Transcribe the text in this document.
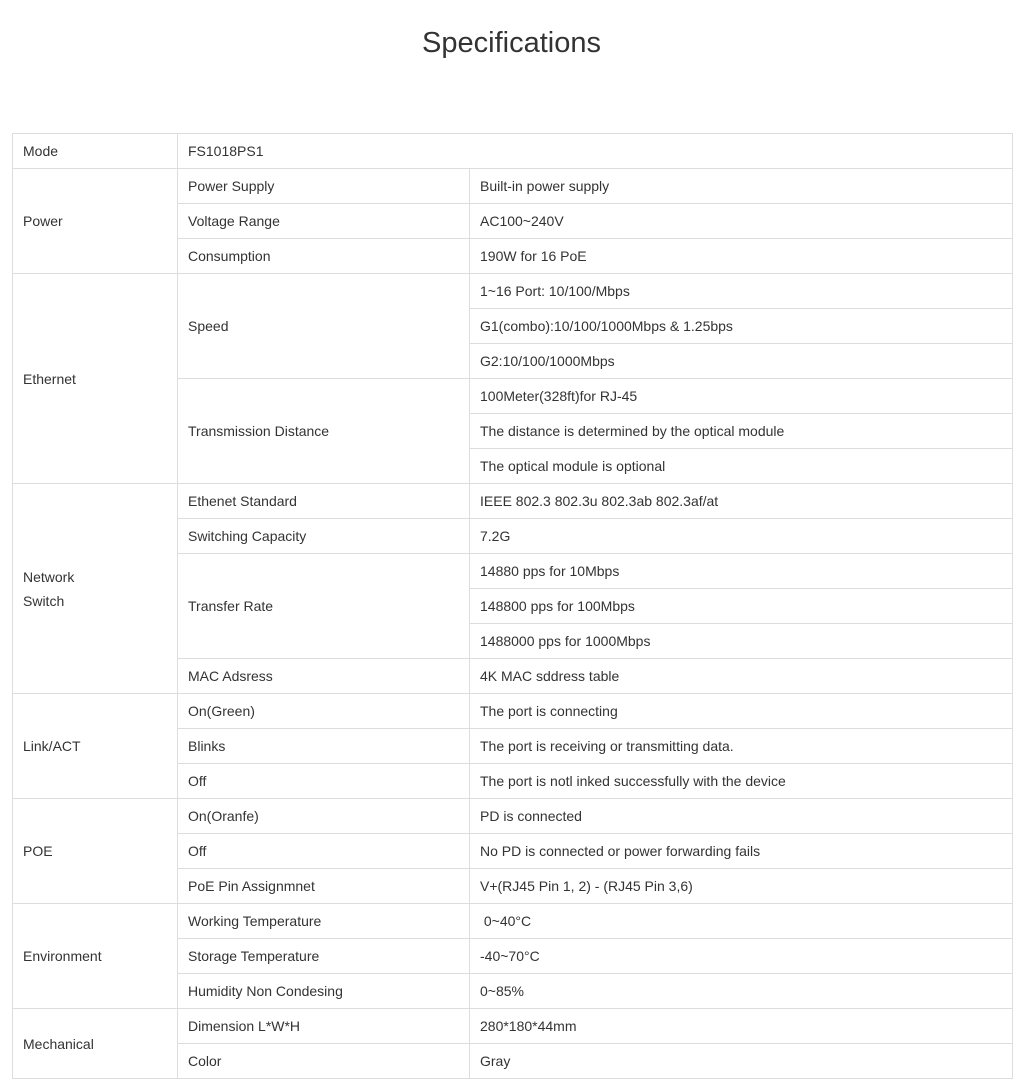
Specifications
Mode	FS1018PS1	
Power	Power Supply	Built-in power supply
	Voltage Range	AC100~240V
	Consumption	190W for 16 PoE
Ethernet	Speed	1~16 Port: 10/100/Mbps
		G1(combo):10/100/1000Mbps & 1.25bps
		G2:10/100/1000Mbps
	Transmission Distance	100Meter(328ft)for RJ-45
		The distance is determined by the optical module
		The optical module is optional
Network
Switch	Ethenet Standard	IEEE 802.3 802.3u 802.3ab 802.3af/at
	Switching Capacity	7.2G
	Transfer Rate	14880 pps for 10Mbps
		148800 pps for 100Mbps
		1488000 pps for 1000Mbps
	MAC Adsress	4K MAC sddress table
Link/ACT	On(Green)	The port is connecting
	Blinks	The port is receiving or transmitting data.
	Off	The port is notl inked successfully with the device
POE	On(Oranfe)	PD is connected
	Off	No PD is connected or power forwarding fails
	PoE Pin Assignmnet	V+(RJ45 Pin 1, 2) - (RJ45 Pin 3,6)
Environment	Working Temperature	0~40°C
	Storage Temperature	-40~70°C
	Humidity Non Condesing	0~85%
Mechanical	Dimension L*W*H	280*180*44mm
	Color	Gray
